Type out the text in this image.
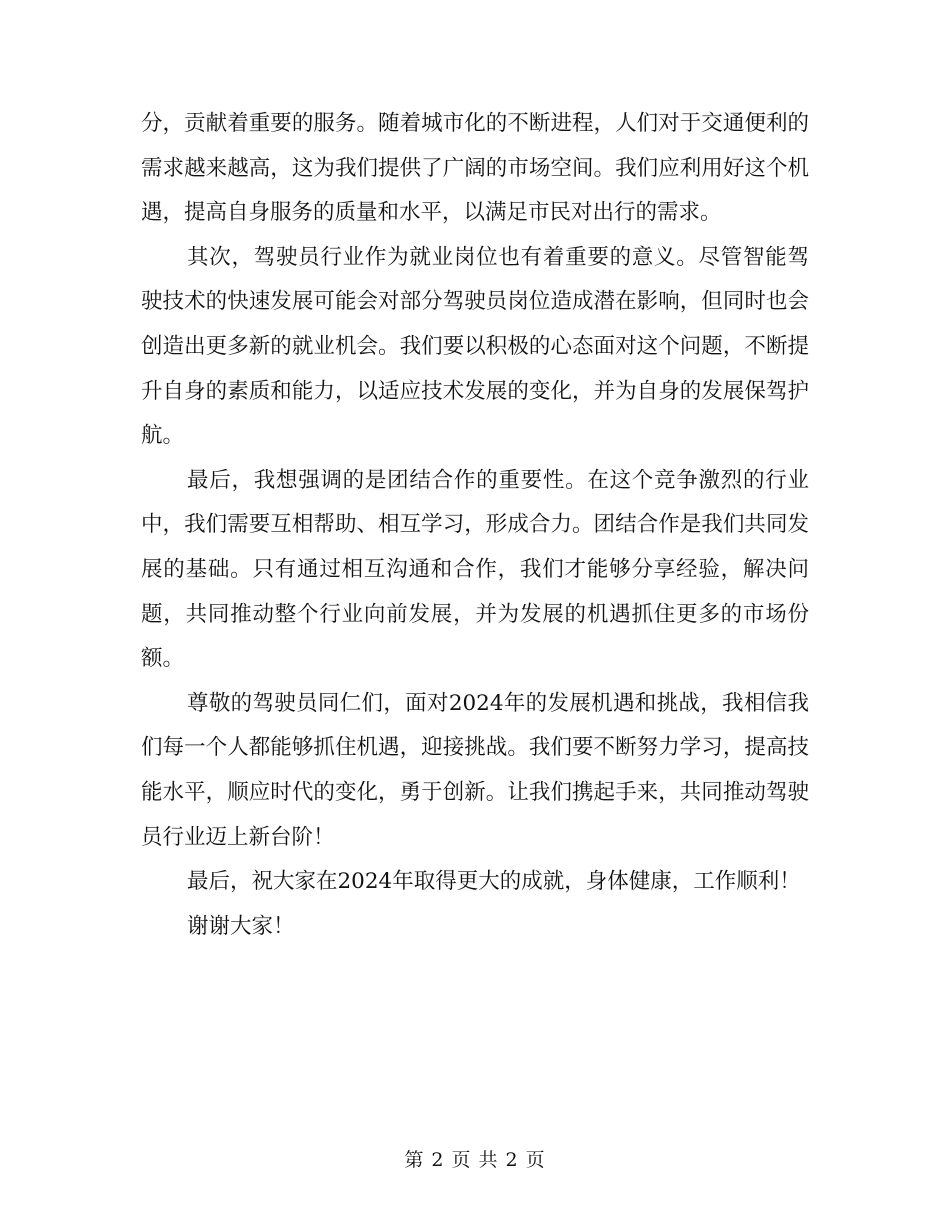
分，贡献着重要的服务。随着城市化的不断进程，人们对于交通便利的需求越来越高，这为我们提供了广阔的市场空间。我们应利用好这个机遇，提高自身服务的质量和水平，以满足市民对出行的需求。

其次，驾驶员行业作为就业岗位也有着重要的意义。尽管智能驾驶技术的快速发展可能会对部分驾驶员岗位造成潜在影响，但同时也会创造出更多新的就业机会。我们要以积极的心态面对这个问题，不断提升自身的素质和能力，以适应技术发展的变化，并为自身的发展保驾护航。

最后，我想强调的是团结合作的重要性。在这个竞争激烈的行业中，我们需要互相帮助、相互学习，形成合力。团结合作是我们共同发展的基础。只有通过相互沟通和合作，我们才能够分享经验，解决问题，共同推动整个行业向前发展，并为发展的机遇抓住更多的市场份额。

尊敬的驾驶员同仁们，面对2024年的发展机遇和挑战，我相信我们每一个人都能够抓住机遇，迎接挑战。我们要不断努力学习，提高技能水平，顺应时代的变化，勇于创新。让我们携起手来，共同推动驾驶员行业迈上新台阶！

最后，祝大家在2024年取得更大的成就，身体健康，工作顺利！

谢谢大家！

第 2 页 共 2 页
